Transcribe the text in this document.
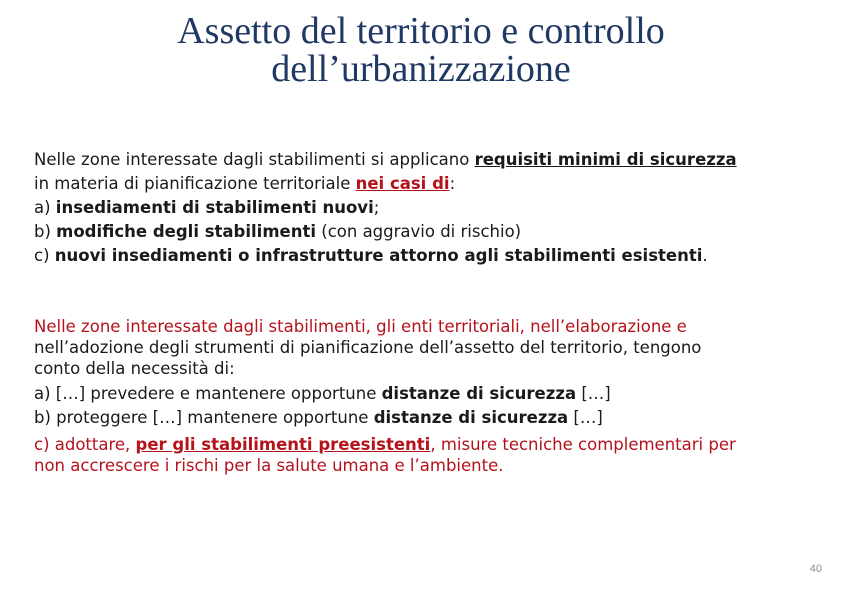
Assetto del territorio e controllo
dell’urbanizzazione
Nelle zone interessate dagli stabilimenti si applicano requisiti minimi di sicurezza
in materia di pianificazione territoriale nei casi di:
a) insediamenti di stabilimenti nuovi;
b) modifiche degli stabilimenti (con aggravio di rischio)
c) nuovi insediamenti o infrastrutture attorno agli stabilimenti esistenti.
Nelle zone interessate dagli stabilimenti, gli enti territoriali, nell’elaborazione e
nell’adozione degli strumenti di pianificazione dell’assetto del territorio, tengono
conto della necessità di:
a) […] prevedere e mantenere opportune distanze di sicurezza […]
b) proteggere […] mantenere opportune distanze di sicurezza […]
c) adottare, per gli stabilimenti preesistenti, misure tecniche complementari per
non accrescere i rischi per la salute umana e l’ambiente.
40
